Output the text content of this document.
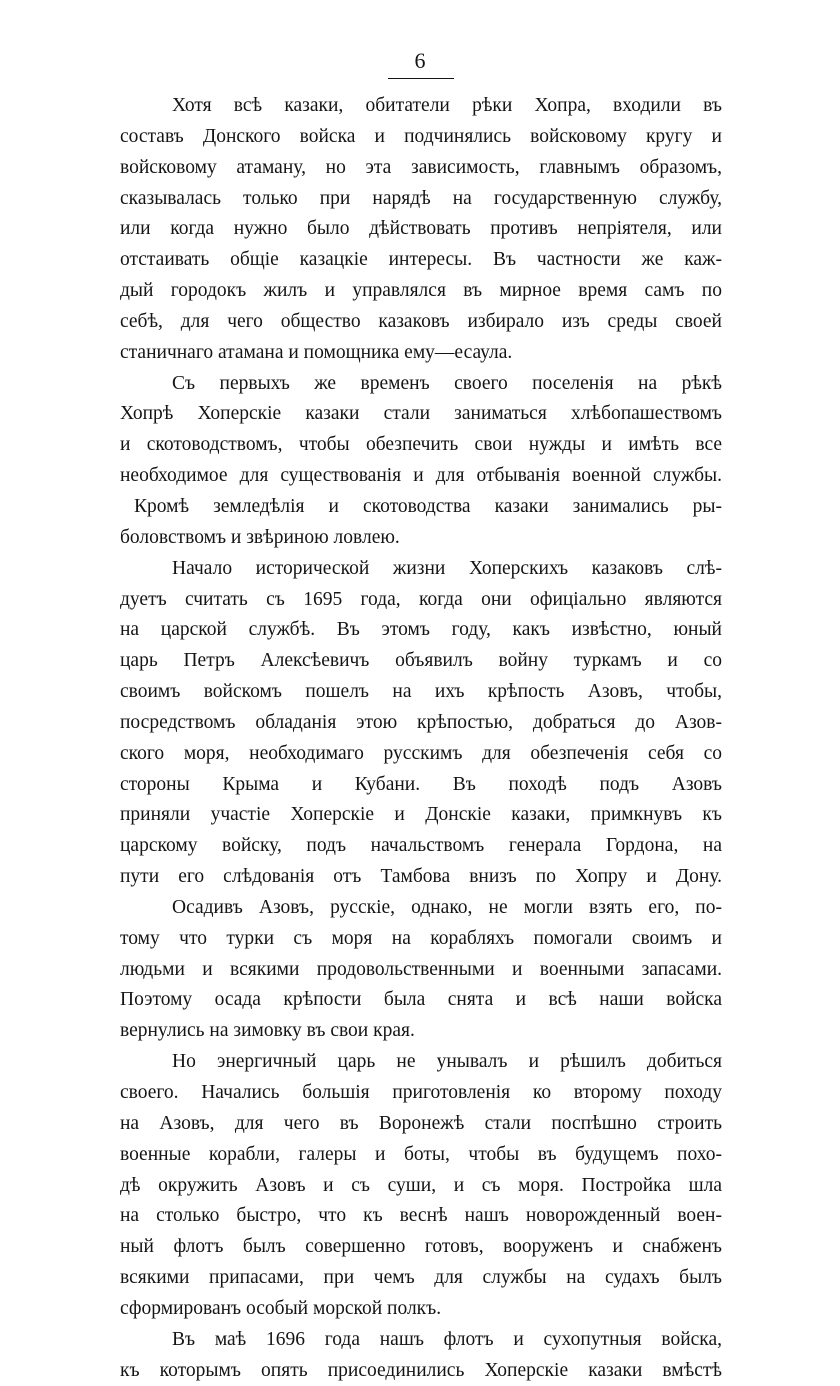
6
Хотя всѣ казаки, обитатели рѣки Хопра, входили въ
составъ Донского войска и подчинялись войсковому кругу и
войсковому атаману, но эта зависимость, главнымъ образомъ,
сказывалась только при нарядѣ на государственную службу,
или когда нужно было дѣйствовать противъ непріятеля, или
отстаивать общіе казацкіе интересы. Въ частности же каж-
дый городокъ жилъ и управлялся въ мирное время самъ по
себѣ, для чего общество казаковъ избирало изъ среды своей
станичнаго атамана и помощника ему—есаула.
Съ первыхъ же временъ своего поселенія на рѣкѣ
Хопрѣ Хоперскіе казаки стали заниматься хлѣбопашествомъ
и скотоводствомъ, чтобы обезпечить свои нужды и имѣть все
необходимое для существованія и для отбыванія военной службы.
Кромѣ земледѣлія и скотоводства казаки занимались ры-
боловствомъ и звѣриною ловлею.
Начало исторической жизни Хоперскихъ казаковъ слѣ-
дуетъ считать съ 1695 года, когда они офиціально являются
на царской службѣ. Въ этомъ году, какъ извѣстно, юный
царь Петръ Алексѣевичъ объявилъ войну туркамъ и со
своимъ войскомъ пошелъ на ихъ крѣпость Азовъ, чтобы,
посредствомъ обладанія этою крѣпостью, добраться до Азов-
ского моря, необходимаго русскимъ для обезпеченія себя со
стороны Крыма и Кубани. Въ походѣ подъ Азовъ
приняли участіе Хоперскіе и Донскіе казаки, примкнувъ къ
царскому войску, подъ начальствомъ генерала Гордона, на
пути его слѣдованія отъ Тамбова внизъ по Хопру и Дону.
Осадивъ Азовъ, русскіе, однако, не могли взять его, по-
тому что турки съ моря на корабляхъ помогали своимъ и
людьми и всякими продовольственными и военными запасами.
Поэтому осада крѣпости была снята и всѣ наши войска
вернулись на зимовку въ свои края.
Но энергичный царь не унывалъ и рѣшилъ добиться
своего. Начались большія приготовленія ко второму походу
на Азовъ, для чего въ Воронежѣ стали поспѣшно строить
военные корабли, галеры и боты, чтобы въ будущемъ похо-
дѣ окружить Азовъ и съ суши, и съ моря. Постройка шла
на столько быстро, что къ веснѣ нашъ новорожденный воен-
ный флотъ былъ совершенно готовъ, вооруженъ и снабженъ
всякими припасами, при чемъ для службы на судахъ былъ
сформированъ особый морской полкъ.
Въ маѣ 1696 года нашъ флотъ и сухопутныя войска,
къ которымъ опять присоединились Хоперскіе казаки вмѣстѣ
